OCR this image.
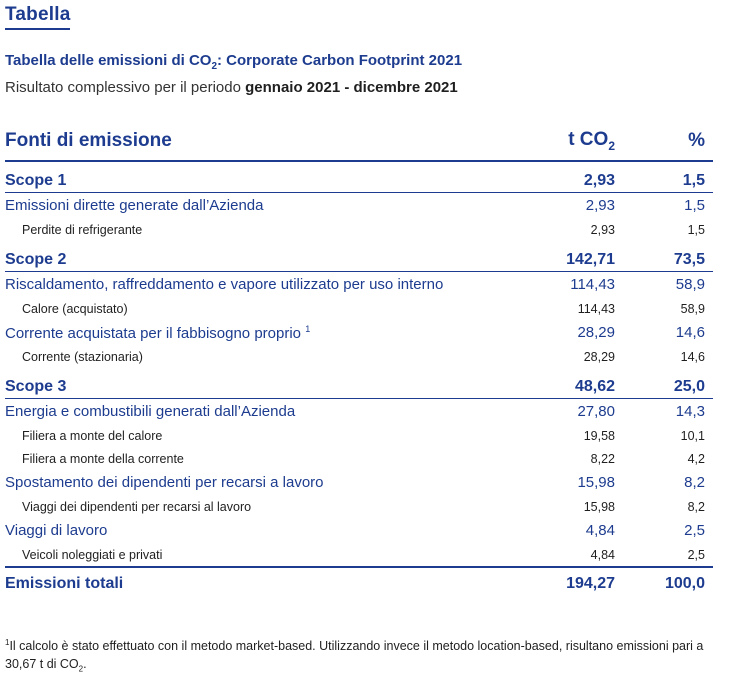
Tabella
Tabella delle emissioni di $CO_2$: Corporate Carbon Footprint 2021
Risultato complessivo per il periodo gennaio 2021 - dicembre 2021
Fonti di emissione	t $CO_2$	%
Scope 1	2,93	1,5
Emissioni dirette generate dall’Azienda	2,93	1,5
Perdite di refrigerante	2,93	1,5
Scope 2	142,71	73,5
Riscaldamento, raffreddamento e vapore utilizzato per uso interno	114,43	58,9
Calore (acquistato)	114,43	58,9
Corrente acquistata per il fabbisogno proprio $^1$	28,29	14,6
Corrente (stazionaria)	28,29	14,6
Scope 3	48,62	25,0
Energia e combustibili generati dall’Azienda	27,80	14,3
Filiera a monte del calore	19,58	10,1
Filiera a monte della corrente	8,22	4,2
Spostamento dei dipendenti per recarsi a lavoro	15,98	8,2
Viaggi dei dipendenti per recarsi al lavoro	15,98	8,2
Viaggi di lavoro	4,84	2,5
Veicoli noleggiati e privati	4,84	2,5
Emissioni totali	194,27	100,0
$^1$Il calcolo è stato effettuato con il metodo market-based. Utilizzando invece il metodo location-based, risultano emissioni pari a 30,67 t di $CO_2$.
